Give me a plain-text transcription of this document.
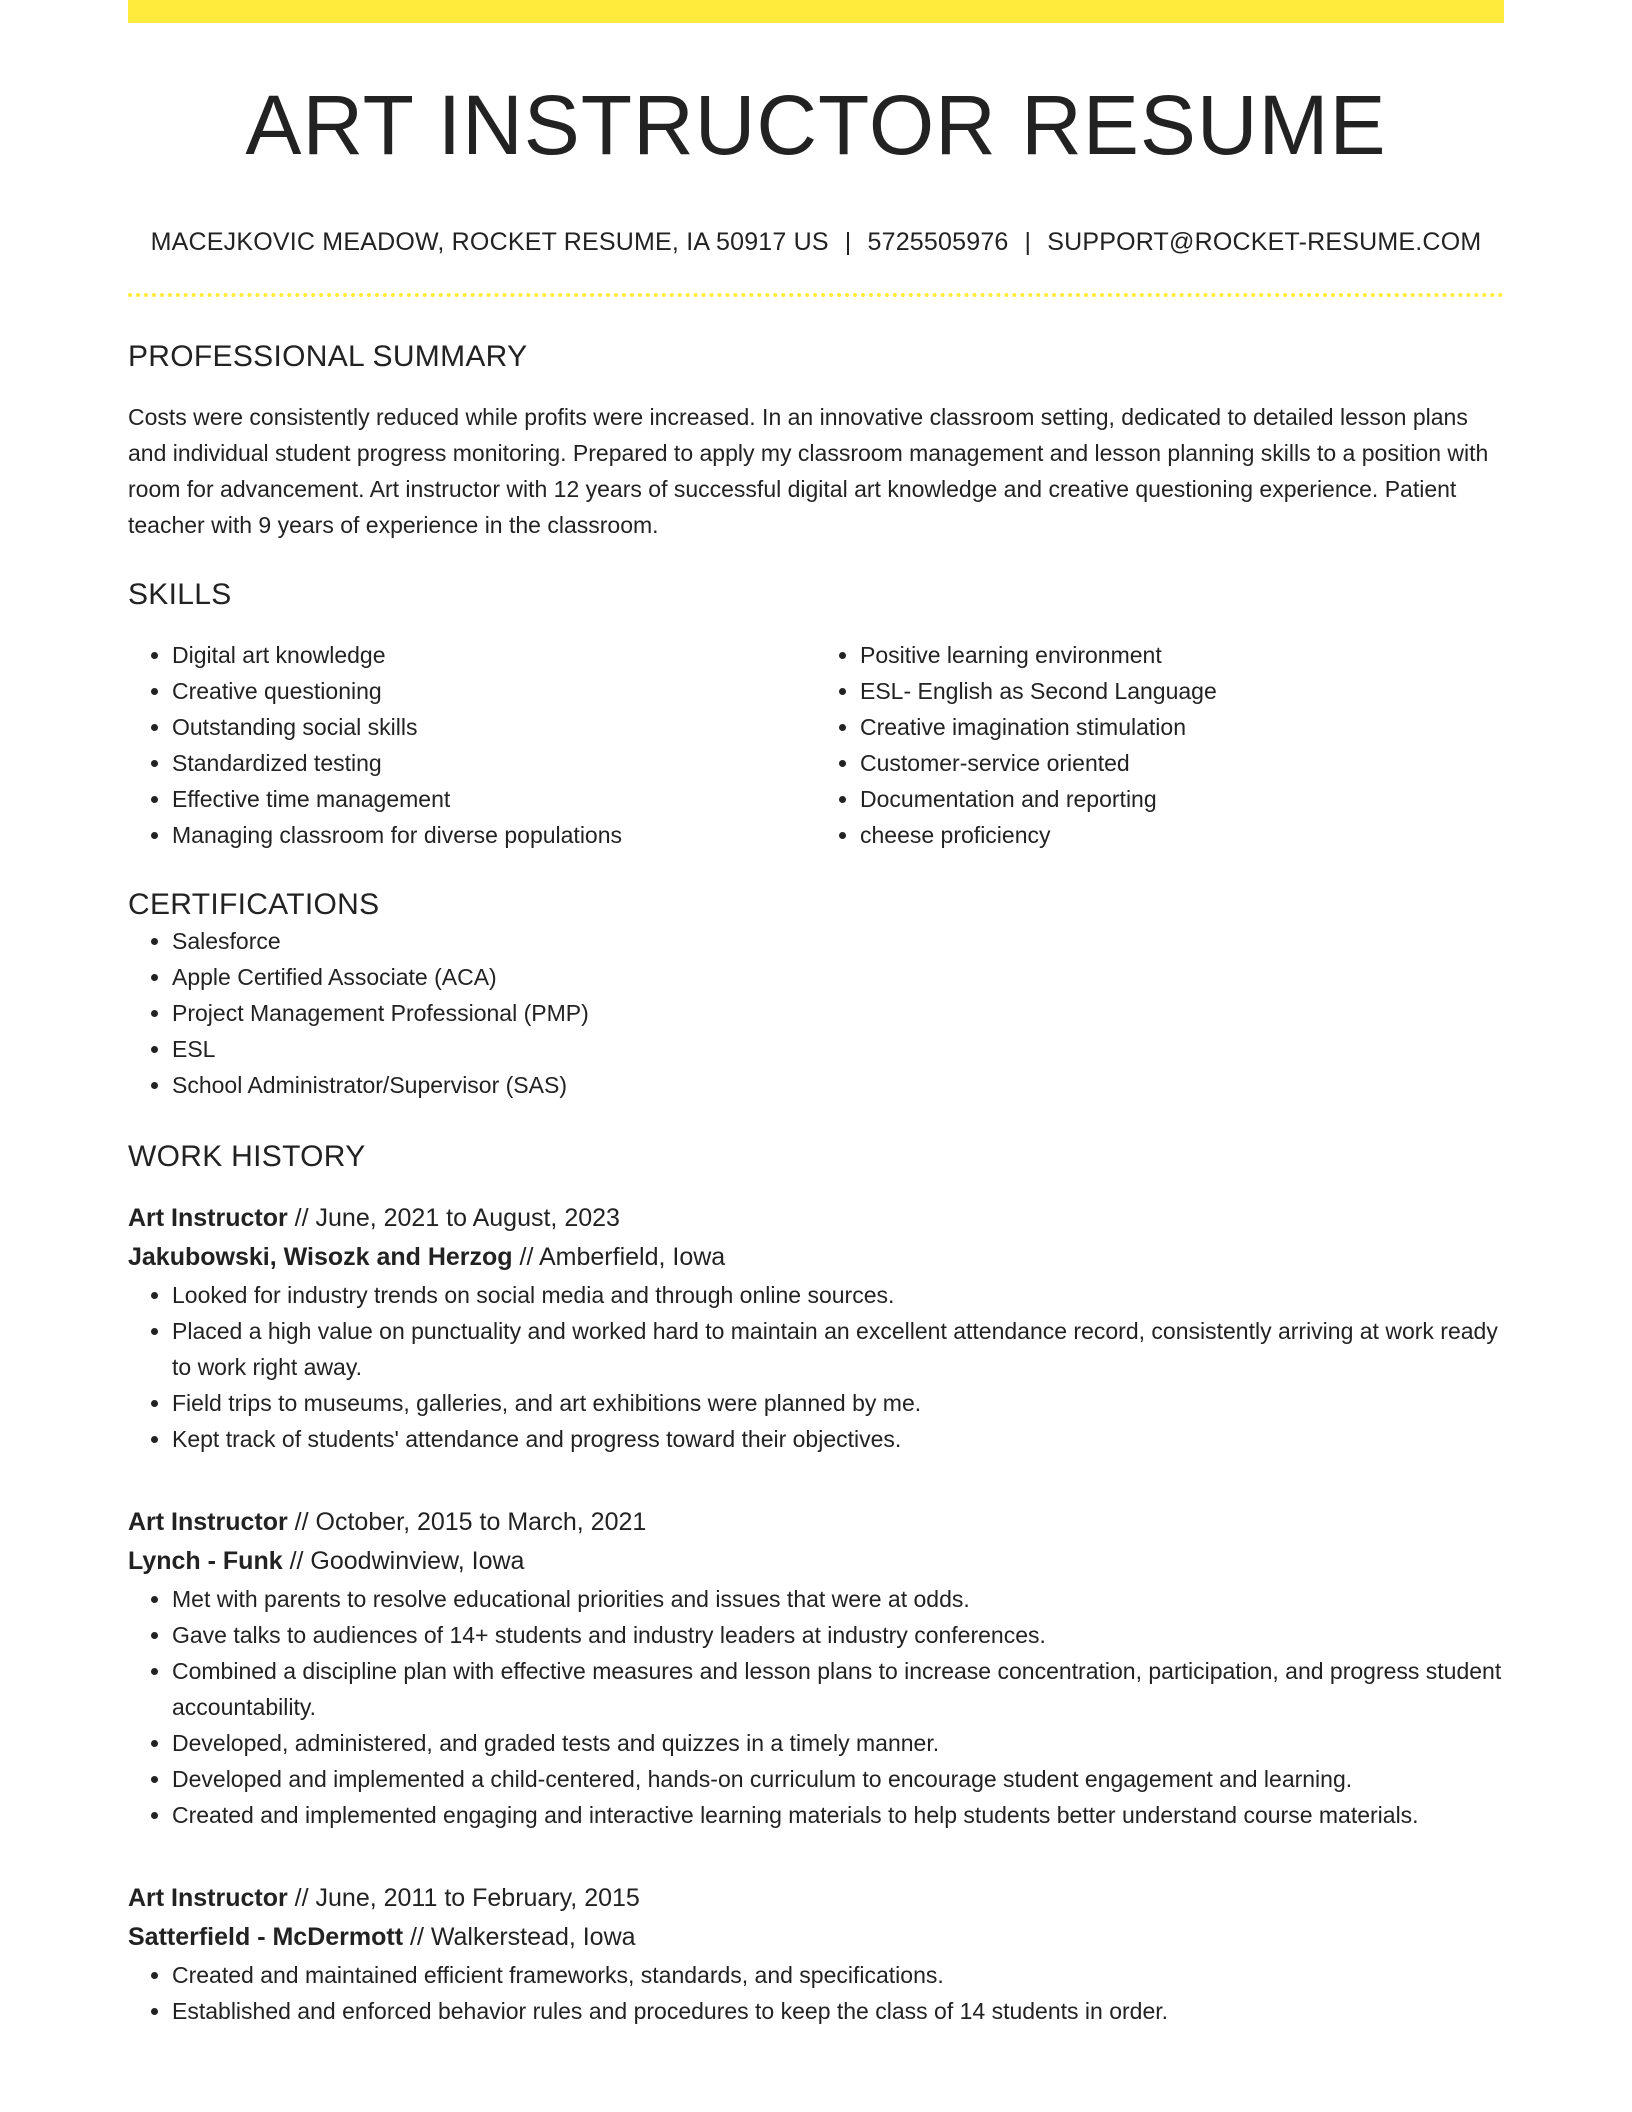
ART INSTRUCTOR RESUME
MACEJKOVIC MEADOW, ROCKET RESUME, IA 50917 US | 5725505976 | SUPPORT@ROCKET-RESUME.COM
PROFESSIONAL SUMMARY

Costs were consistently reduced while profits were increased. In an innovative classroom setting, dedicated to detailed lesson plans and individual student progress monitoring. Prepared to apply my classroom management and lesson planning skills to a position with room for advancement. Art instructor with 12 years of successful digital art knowledge and creative questioning experience. Patient teacher with 9 years of experience in the classroom.

SKILLS
• Digital art knowledge
• Creative questioning
• Outstanding social skills
• Standardized testing
• Effective time management
• Managing classroom for diverse populations
• Positive learning environment
• ESL- English as Second Language
• Creative imagination stimulation
• Customer-service oriented
• Documentation and reporting
• cheese proficiency
CERTIFICATIONS
• Salesforce
• Apple Certified Associate (ACA)
• Project Management Professional (PMP)
• ESL
• School Administrator/Supervisor (SAS)
WORK HISTORY
Art Instructor // June, 2021 to August, 2023
Jakubowski, Wisozk and Herzog // Amberfield, Iowa
• Looked for industry trends on social media and through online sources.
• Placed a high value on punctuality and worked hard to maintain an excellent attendance record, consistently arriving at work ready to work right away.
• Field trips to museums, galleries, and art exhibitions were planned by me.
• Kept track of students' attendance and progress toward their objectives.
Art Instructor // October, 2015 to March, 2021
Lynch - Funk // Goodwinview, Iowa
• Met with parents to resolve educational priorities and issues that were at odds.
• Gave talks to audiences of 14+ students and industry leaders at industry conferences.
• Combined a discipline plan with effective measures and lesson plans to increase concentration, participation, and progress student accountability.
• Developed, administered, and graded tests and quizzes in a timely manner.
• Developed and implemented a child-centered, hands-on curriculum to encourage student engagement and learning.
• Created and implemented engaging and interactive learning materials to help students better understand course materials.
Art Instructor // June, 2011 to February, 2015
Satterfield - McDermott // Walkerstead, Iowa
• Created and maintained efficient frameworks, standards, and specifications.
• Established and enforced behavior rules and procedures to keep the class of 14 students in order.
